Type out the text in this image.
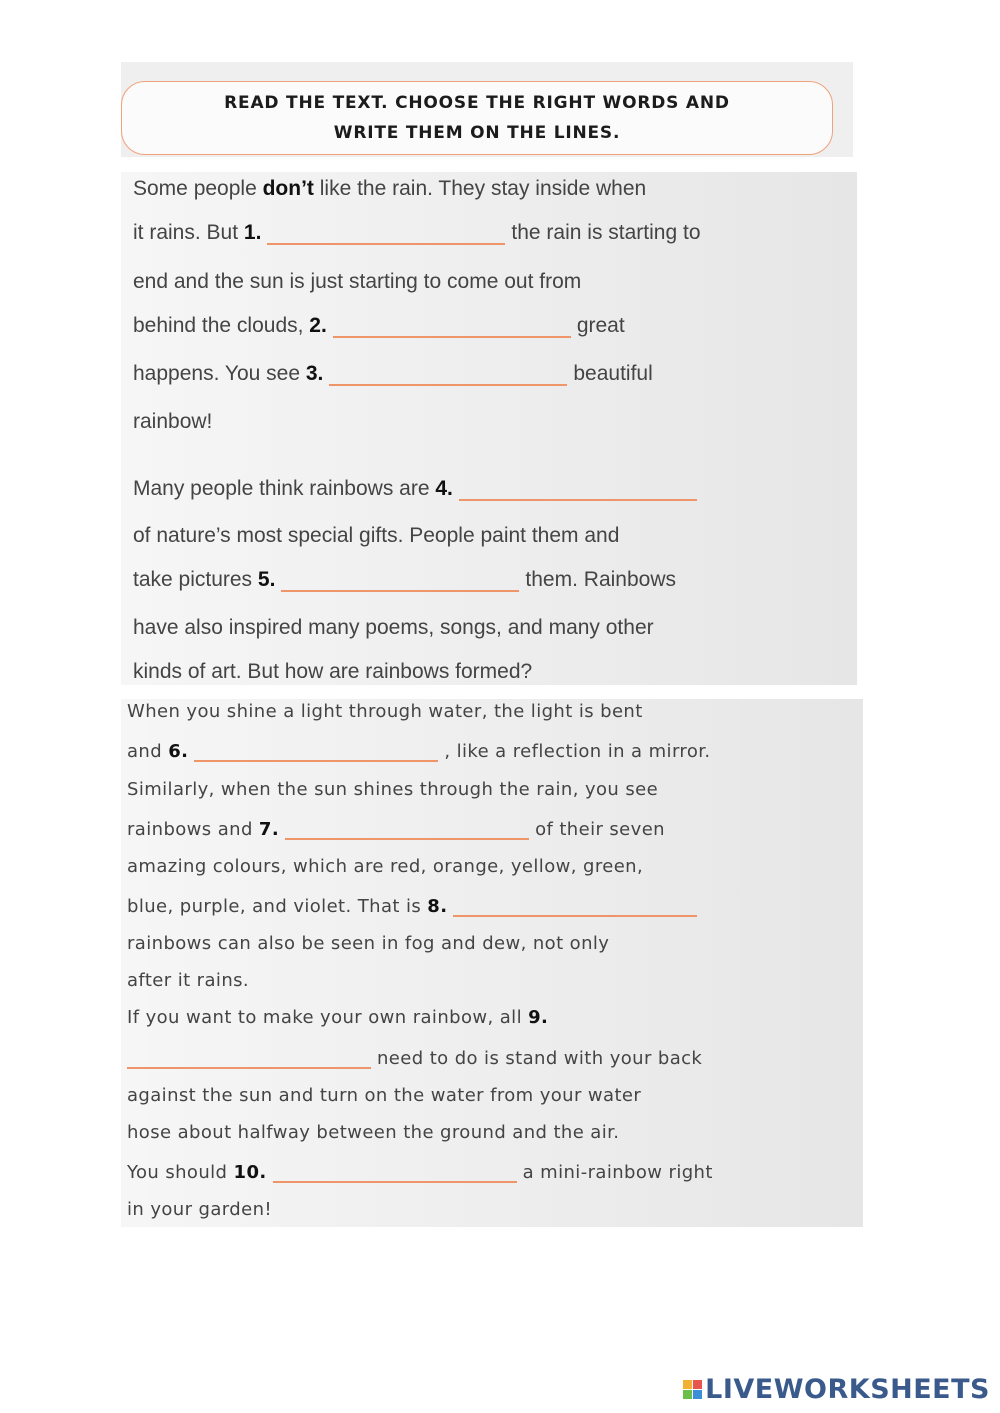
READ THE TEXT. CHOOSE THE RIGHT WORDS AND
WRITE THEM ON THE LINES.
Some people don’t like the rain. They stay inside when
it rains. But 1.	the rain is starting to
end and the sun is just starting to come out from
behind the clouds, 2.	great
happens. You see 3.	beautiful
rainbow!
Many people think rainbows are 4.
of nature’s most special gifts. People paint them and
take pictures 5.	them. Rainbows
have also inspired many poems, songs, and many other
kinds of art. But how are rainbows formed?
When you shine a light through water, the light is bent
and 6.	, like a reflection in a mirror.
Similarly, when the sun shines through the rain, you see
rainbows and 7.	of their seven
amazing colours, which are red, orange, yellow, green,
blue, purple, and violet. That is 8.
rainbows can also be seen in fog and dew, not only
after it rains.
If you want to make your own rainbow, all 9.
need to do is stand with your back
against the sun and turn on the water from your water
hose about halfway between the ground and the air.
You should 10.	a mini-rainbow right
in your garden!
LIVEWORKSHEETS
